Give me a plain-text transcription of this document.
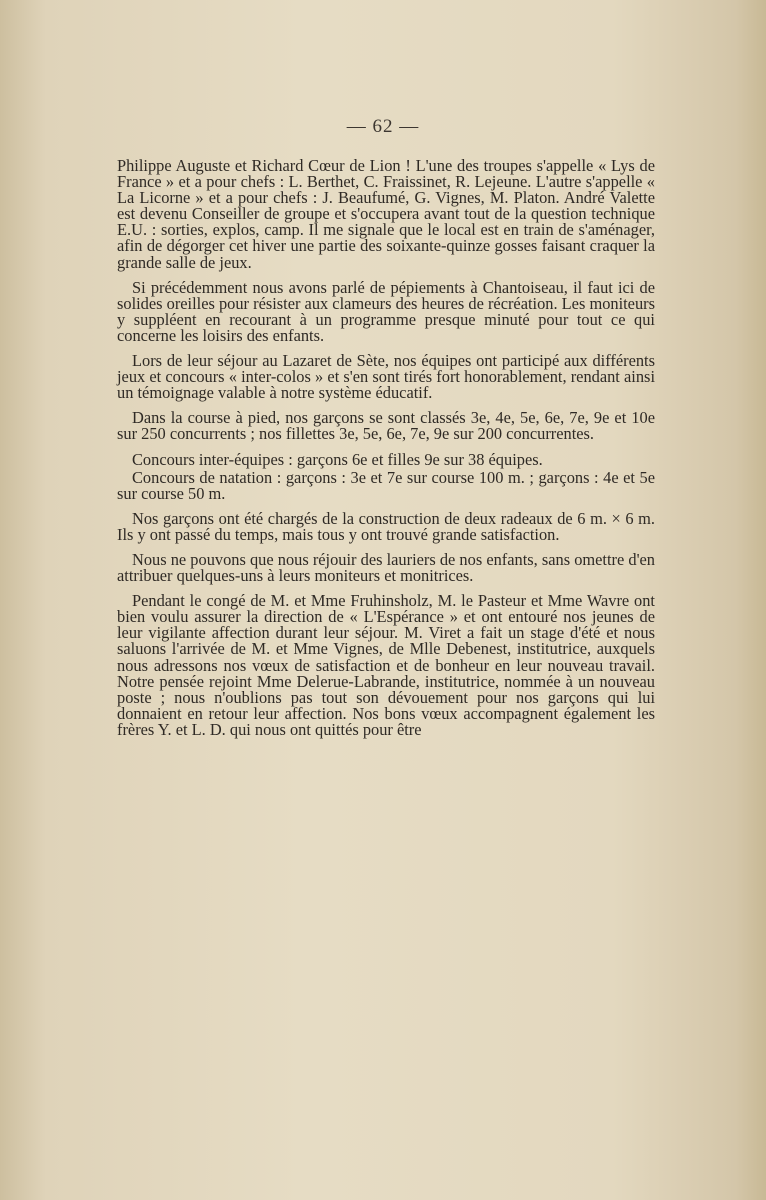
— 62 —

Philippe Auguste et Richard Cœur de Lion ! L'une des troupes s'appelle « Lys de France » et a pour chefs : L. Berthet, C. Fraissinet, R. Lejeune. L'autre s'appelle « La Licorne » et a pour chefs : J. Beaufumé, G. Vignes, M. Platon. André Valette est devenu Conseiller de groupe et s'occupera avant tout de la question technique E.U. : sorties, explos, camp. Il me signale que le local est en train de s'aménager, afin de dégorger cet hiver une partie des soixante-quinze gosses faisant craquer la grande salle de jeux.

Si précédemment nous avons parlé de pépiements à Chantoiseau, il faut ici de solides oreilles pour résister aux clameurs des heures de récréation. Les moniteurs y suppléent en recourant à un programme presque minuté pour tout ce qui concerne les loisirs des enfants.

Lors de leur séjour au Lazaret de Sète, nos équipes ont participé aux différents jeux et concours « inter-colos » et s'en sont tirés fort honorablement, rendant ainsi un témoignage valable à notre système éducatif.

Dans la course à pied, nos garçons se sont classés 3e, 4e, 5e, 6e, 7e, 9e et 10e sur 250 concurrents ; nos fillettes 3e, 5e, 6e, 7e, 9e sur 200 concurrentes.

Concours inter-équipes : garçons 6e et filles 9e sur 38 équipes.

Concours de natation : garçons : 3e et 7e sur course 100 m. ; garçons : 4e et 5e sur course 50 m.

Nos garçons ont été chargés de la construction de deux radeaux de 6 m. × 6 m. Ils y ont passé du temps, mais tous y ont trouvé grande satisfaction.

Nous ne pouvons que nous réjouir des lauriers de nos enfants, sans omettre d'en attribuer quelques-uns à leurs moniteurs et monitrices.

Pendant le congé de M. et Mme Fruhinsholz, M. le Pasteur et Mme Wavre ont bien voulu assurer la direction de « L'Espérance » et ont entouré nos jeunes de leur vigilante affection durant leur séjour. M. Viret a fait un stage d'été et nous saluons l'arrivée de M. et Mme Vignes, de Mlle Debenest, institutrice, auxquels nous adressons nos vœux de satisfaction et de bonheur en leur nouveau travail. Notre pensée rejoint Mme Delerue-Labrande, institutrice, nommée à un nouveau poste ; nous n'oublions pas tout son dévouement pour nos garçons qui lui donnaient en retour leur affection. Nos bons vœux accompagnent également les frères Y. et L. D. qui nous ont quittés pour être
